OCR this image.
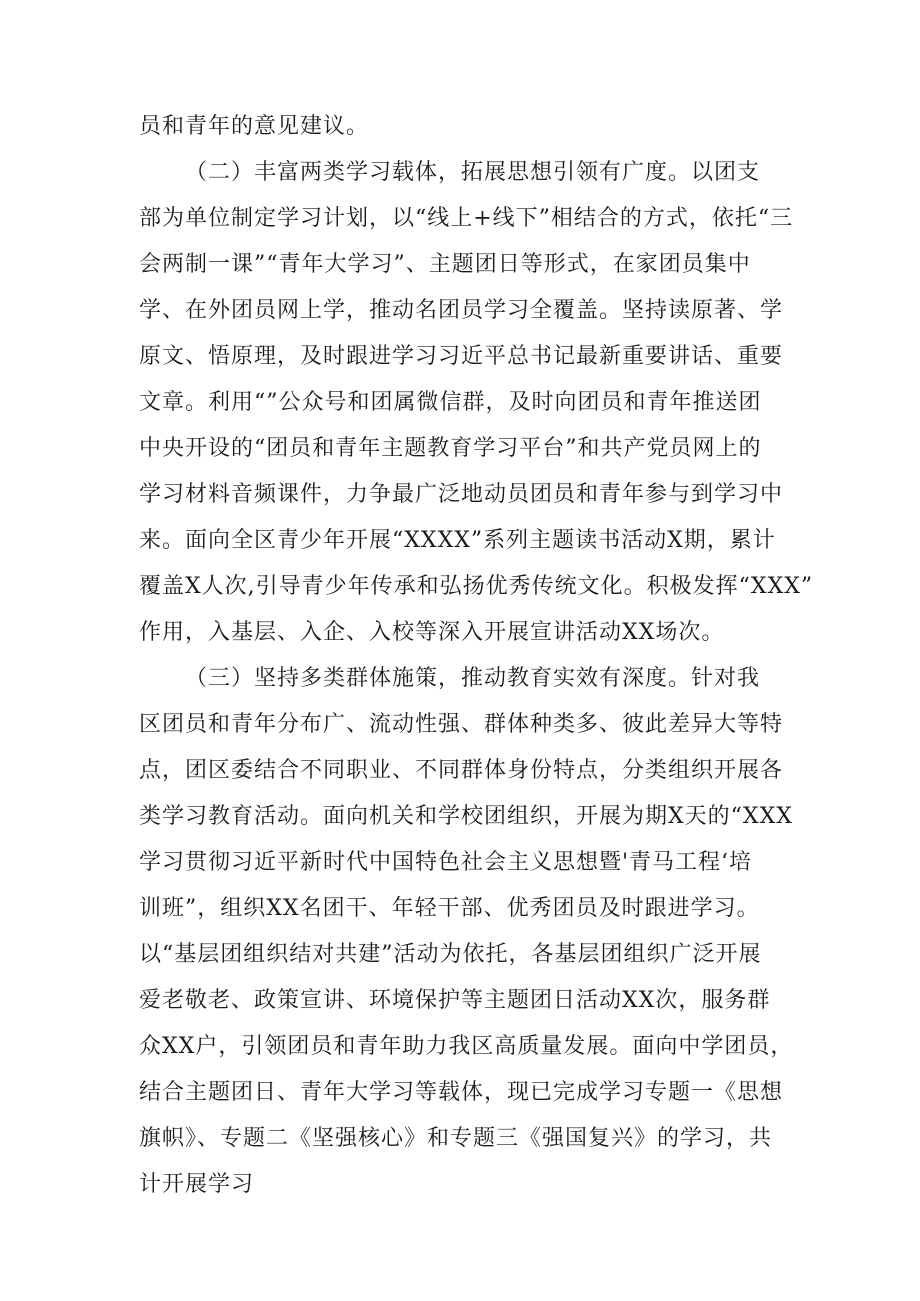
员和青年的意见建议。
（二）丰富两类学习载体，拓展思想引领有广度。以团支
部为单位制定学习计划，以“线上+线下”相结合的方式，依托“三
会两制一课”“青年大学习”、主题团日等形式，在家团员集中
学、在外团员网上学，推动名团员学习全覆盖。坚持读原著、学
原文、悟原理，及时跟进学习习近平总书记最新重要讲话、重要
文章。利用“”公众号和团属微信群，及时向团员和青年推送团
中央开设的“团员和青年主题教育学习平台”和共产党员网上的
学习材料音频课件，力争最广泛地动员团员和青年参与到学习中
来。面向全区青少年开展“XXXX”系列主题读书活动X期，累计
覆盖X人次,引导青少年传承和弘扬优秀传统文化。积极发挥“XXX”
作用，入基层、入企、入校等深入开展宣讲活动XX场次。
（三）坚持多类群体施策，推动教育实效有深度。针对我
区团员和青年分布广、流动性强、群体种类多、彼此差异大等特
点，团区委结合不同职业、不同群体身份特点，分类组织开展各
类学习教育活动。面向机关和学校团组织，开展为期X天的“XXX
学习贯彻习近平新时代中国特色社会主义思想暨'青马工程‘培
训班”，组织XX名团干、年轻干部、优秀团员及时跟进学习。
以“基层团组织结对共建”活动为依托，各基层团组织广泛开展
爱老敬老、政策宣讲、环境保护等主题团日活动XX次，服务群
众XX户，引领团员和青年助力我区高质量发展。面向中学团员，
结合主题团日、青年大学习等载体，现已完成学习专题一《思想
旗帜》、专题二《坚强核心》和专题三《强国复兴》的学习，共
计开展学习
